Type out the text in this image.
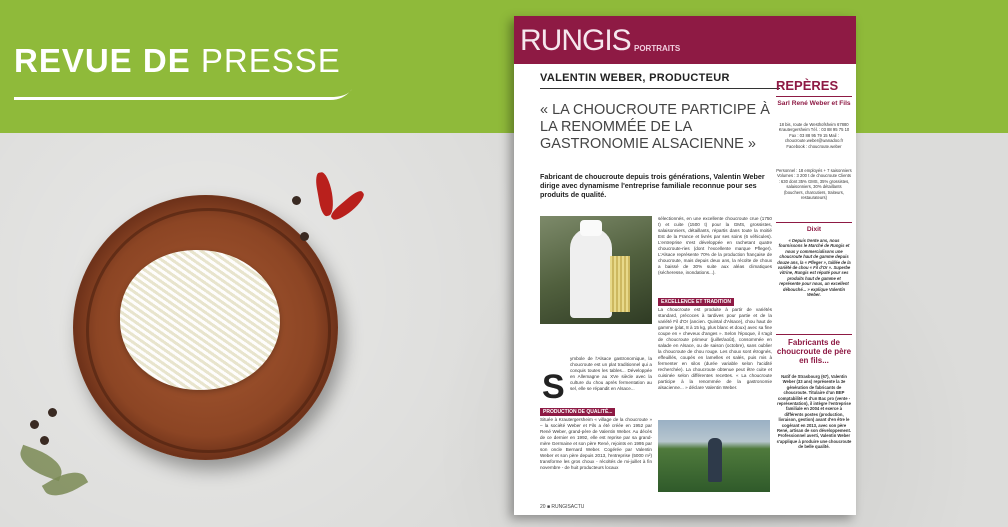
REVUE DE PRESSE
RUNGIS PORTRAITS
VALENTIN WEBER, PRODUCTEUR
« LA CHOUCROUTE PARTICIPE À LA RENOMMÉE DE LA GASTRONOMIE ALSACIENNE »
Fabricant de choucroute depuis trois générations, Valentin Weber dirige avec dynamisme l'entreprise familiale reconnue pour ses produits de qualité.
sélectionnés, en une excellente choucroute crue (1750 t) et cuite (1500 t) pour la GMS, grossistes, salaisonniers, détaillants, répartis dans toute la moitié Est de la France et livrés par ses soins (6 véhicules). L'entreprise s'est développée en rachetant quatre choucroute-ries (dont l'excellente marque Pfleger). L'Alsace représente 70% de la production française de choucroute, mais depuis deux ans, la récolte de choux a baissé de 30% suite aux aléas climatiques (sécheresse, inondations...).
EXCELLENCE ET TRADITION
La choucroute est produite à partir de variétés standard, précoces à tardives pour partie et de la variété Fil d'Or (ancien. Quintal d'Alsace), chou haut de gamme (plat, 8 à 15 kg, plus blanc et doux) avec sa fine coupe en « cheveux d'anges ». Selon l'époque, il s'agit de choucroute primeur (juillet/août), consommée en salade en Alsace, ou de saison (octobre), sans oublier la choucroute de chou rouge. Les choux sont étrognés, effeuillés, coupés en lamelles et salés, puis mis à fermenter en silos (durée variable selon l'acidité recherchée). La choucroute obtenue peut être cuite et cuisinée selon différentes recettes. « La choucroute participe à la renommée de la gastronomie alsacienne... » déclare Valentin Weber.
S
ymbole de l'Alsace gastronomique, la choucroute est un plat traditionnel qui a conquis toutes les tables... Développée en Allemagne au XVe siècle avec la culture du chou après fermentation au sel, elle se répandit en Alsace...
PRODUCTION DE QUALITÉ...
Située à Krautergersheim « village de la choucroute » – la société Weber et Fils a été créée en 1952 par René Weber, grand-père de Valentin Weber. Au décès de ce dernier en 1992, elle est reprise par sa grand-mère Germaine et son père René, rejoints en 1995 par son oncle Bernard Weber. Cogérée par Valentin Weber et son père depuis 2013, l'entreprise (5000 m²) transforme les gros choux - récoltés de mi-juillet à fin novembre - de huit producteurs locaux
20 ■ RUNGISACTU
REPÈRES
Sarl René Weber et Fils
18 bis, route de Westhofsheim 67880 Krautergersheim Tél. : 03 88 95 75 10 Fax : 03 88 95 79 15 Mail : choucroute.weber@wanadoo.fr Facebook : choucroute.weber
Personnel : 18 employés + 7 saisonniers Volumes : 3 200 t de choucroute Clients : 630 dont 35% GMS, 35% grossistes, salaisonniers, 30% détaillants (bouchers, charcutiers, traiteurs, restaurateurs)
Dixit
« Depuis trente ans, nous fournissons le Marché de Rungis et nous y commercialisons une choucroute haut de gamme depuis douze ans, la « Pfleger », taillée de la variété de chou « Fil d'Or ». Superbe vitrine, Rungis est réputé pour ses produits haut de gamme et représente pour nous, un excellent débouché... » explique Valentin Weber.
Fabricants de choucroute de père en fils...
Natif de Strasbourg (67), Valentin Weber (33 ans) représente la 3e génération de fabricants de choucroute. Titulaire d'un BEP comptabilité et d'un Bac pro (vente - représentation), il intègre l'entreprise familiale en 2004 et exerce à différents postes (production, livraison, gestion) avant d'en être le cogérant en 2013, avec son père René, artisan de son développement. Professionnel averti, Valentin Weber s'applique à produire une choucroute de belle qualité.
